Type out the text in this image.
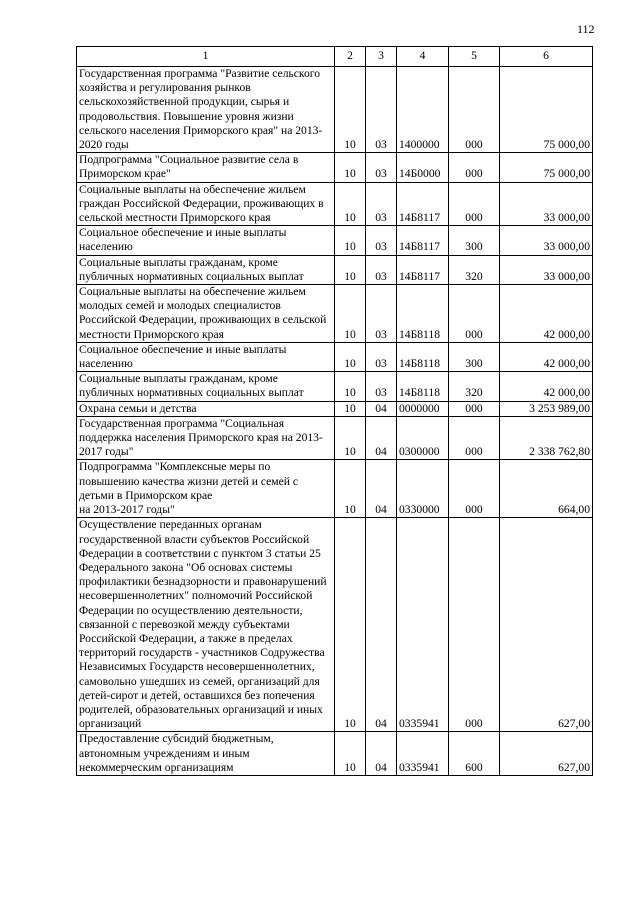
112
1	2	3	4	5	6
Государственная программа "Развитие сельского хозяйства и регулирования рынков сельскохозяйственной продукции, сырья и продовольствия. Повышение уровня жизни сельского населения Приморского края" на 2013-2020 годы	10	03	1400000	000	75 000,00
Подпрограмма "Социальное развитие села в Приморском крае"	10	03	14Б0000	000	75 000,00
Социальные выплаты на обеспечение жильем граждан Российской Федерации, проживающих в сельской местности Приморского края	10	03	14Б8117	000	33 000,00
Социальное обеспечение и иные выплаты населению	10	03	14Б8117	300	33 000,00
Социальные выплаты гражданам, кроме публичных нормативных социальных выплат	10	03	14Б8117	320	33 000,00
Социальные выплаты на обеспечение жильем молодых семей и молодых специалистов Российской Федерации, проживающих в сельской местности Приморского края	10	03	14Б8118	000	42 000,00
Социальное обеспечение и иные выплаты населению	10	03	14Б8118	300	42 000,00
Социальные выплаты гражданам, кроме публичных нормативных социальных выплат	10	03	14Б8118	320	42 000,00
Охрана семьи и детства	10	04	0000000	000	3 253 989,00
Государственная программа "Социальная поддержка населения Приморского края на 2013-2017 годы"	10	04	0300000	000	2 338 762,80
Подпрограмма "Комплексные меры по повышению качества жизни детей и семей с детьми в Приморском крае
на 2013-2017 годы"	10	04	0330000	000	664,00
Осуществление переданных органам государственной власти субъектов Российской Федерации в соответствии с пунктом 3 статьи 25 Федерального закона "Об основах системы профилактики безнадзорности и правонарушений несовершеннолетних" полномочий Российской Федерации по осуществлению деятельности, связанной с перевозкой между субъектами Российской Федерации, а также в пределах территорий государств - участников Содружества Независимых Государств несовершеннолетних, самовольно ушедших из семей, организаций для детей-сирот и детей, оставшихся без попечения родителей, образовательных организаций и иных организаций	10	04	0335941	000	627,00
Предоставление субсидий бюджетным, автономным учреждениям и иным некоммерческим организациям	10	04	0335941	600	627,00
